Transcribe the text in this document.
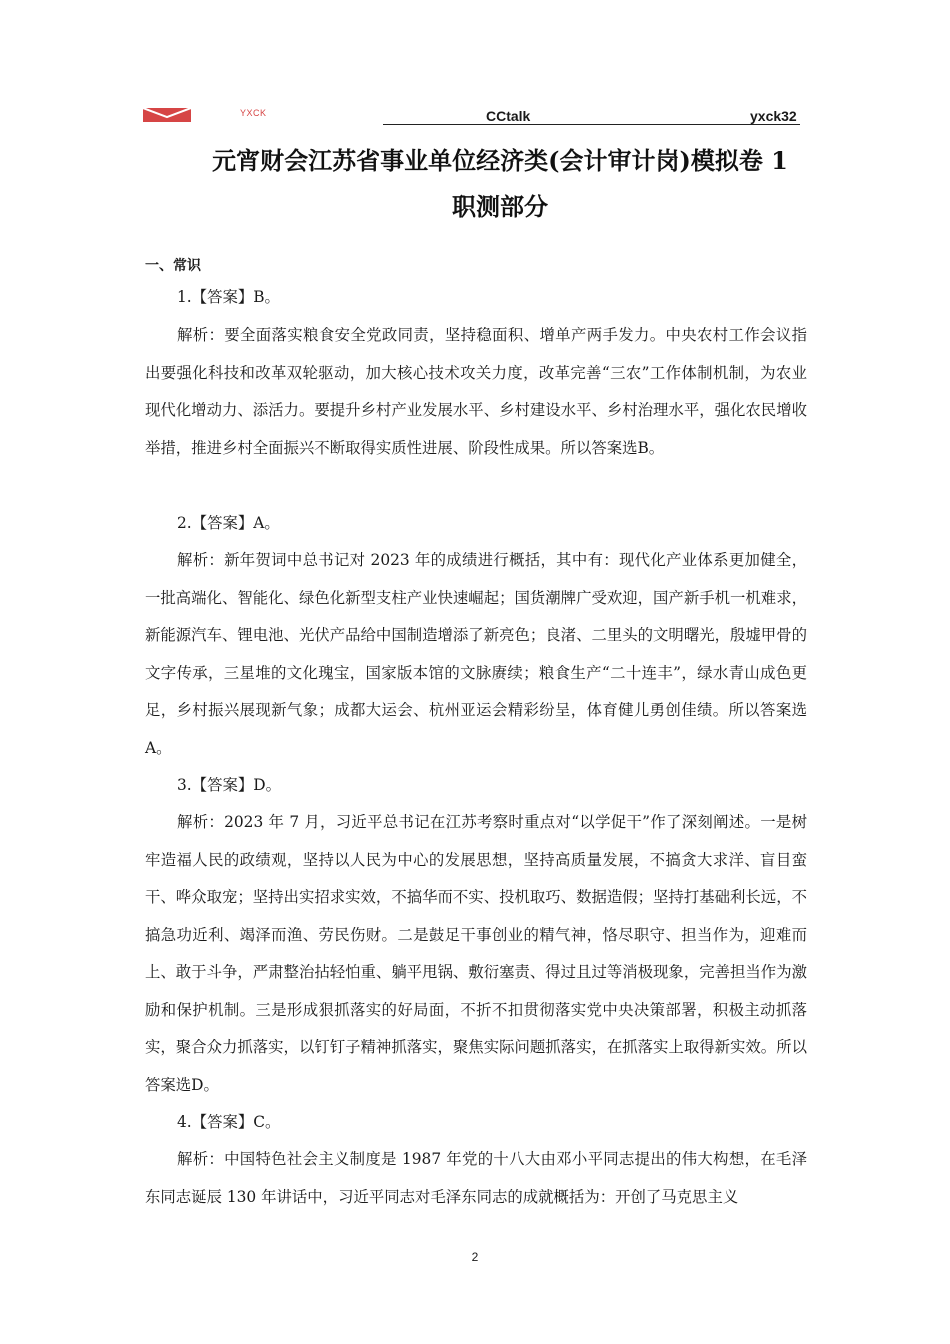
YXCK	CCtalk	yxck32
元宵财会江苏省事业单位经济类(会计审计岗)模拟卷 1
职测部分
一、常识

1.【答案】B。

解析：要全面落实粮食安全党政同责，坚持稳面积、增单产两手发力。中央农村工作会议指出要强化科技和改革双轮驱动，加大核心技术攻关力度，改革完善“三农”工作体制机制，为农业现代化增动力、添活力。要提升乡村产业发展水平、乡村建设水平、乡村治理水平，强化农民增收举措，推进乡村全面振兴不断取得实质性进展、阶段性成果。所以答案选B。

2.【答案】A。

解析：新年贺词中总书记对 2023 年的成绩进行概括，其中有：现代化产业体系更加健全，一批高端化、智能化、绿色化新型支柱产业快速崛起；国货潮牌广受欢迎，国产新手机一机难求，新能源汽车、锂电池、光伏产品给中国制造增添了新亮色；良渚、二里头的文明曙光，殷墟甲骨的文字传承，三星堆的文化瑰宝，国家版本馆的文脉赓续；粮食生产“二十连丰”，绿水青山成色更足，乡村振兴展现新气象；成都大运会、杭州亚运会精彩纷呈，体育健儿勇创佳绩。所以答案选A。

3.【答案】D。

解析：2023 年 7 月，习近平总书记在江苏考察时重点对“以学促干”作了深刻阐述。一是树牢造福人民的政绩观，坚持以人民为中心的发展思想，坚持高质量发展，不搞贪大求洋、盲目蛮干、哗众取宠；坚持出实招求实效，不搞华而不实、投机取巧、数据造假；坚持打基础利长远，不搞急功近利、竭泽而渔、劳民伤财。二是鼓足干事创业的精气神，恪尽职守、担当作为，迎难而上、敢于斗争，严肃整治拈轻怕重、躺平甩锅、敷衍塞责、得过且过等消极现象，完善担当作为激励和保护机制。三是形成狠抓落实的好局面，不折不扣贯彻落实党中央决策部署，积极主动抓落实，聚合众力抓落实，以钉钉子精神抓落实，聚焦实际问题抓落实，在抓落实上取得新实效。所以答案选D。

4.【答案】C。

解析：中国特色社会主义制度是 1987 年党的十八大由邓小平同志提出的伟大构想，在毛泽东同志诞辰 130 年讲话中，习近平同志对毛泽东同志的成就概括为：开创了马克思主义

2
